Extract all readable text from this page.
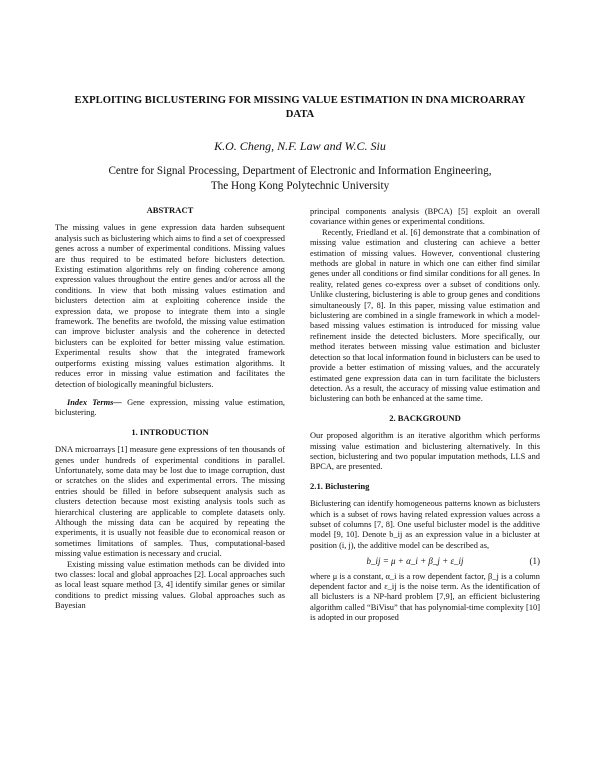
EXPLOITING BICLUSTERING FOR MISSING VALUE ESTIMATION IN DNA MICROARRAY DATA
K.O. Cheng, N.F. Law and W.C. Siu
Centre for Signal Processing, Department of Electronic and Information Engineering,
The Hong Kong Polytechnic University
ABSTRACT

The missing values in gene expression data harden subsequent analysis such as biclustering which aims to find a set of coexpressed genes across a number of experimental conditions. Missing values are thus required to be estimated before biclusters detection. Existing estimation algorithms rely on finding coherence among expression values throughout the entire genes and/or across all the conditions. In view that both missing values estimation and biclusters detection aim at exploiting coherence inside the expression data, we propose to integrate them into a single framework. The benefits are twofold, the missing value estimation can improve bicluster analysis and the coherence in detected biclusters can be exploited for better missing value estimation. Experimental results show that the integrated framework outperforms existing missing values estimation algorithms. It reduces error in missing value estimation and facilitates the detection of biologically meaningful biclusters.

Index Terms— Gene expression, missing value estimation, biclustering.

1. INTRODUCTION

DNA microarrays [1] measure gene expressions of ten thousands of genes under hundreds of experimental conditions in parallel. Unfortunately, some data may be lost due to image corruption, dust or scratches on the slides and experimental errors. The missing entries should be filled in before subsequent analysis such as clusters detection because most existing analysis tools such as hierarchical clustering are applicable to complete datasets only. Although the missing data can be acquired by repeating the experiments, it is usually not feasible due to economical reason or sometimes limitations of samples. Thus, computational-based missing value estimation is necessary and crucial.

Existing missing value estimation methods can be divided into two classes: local and global approaches [2]. Local approaches such as local least square method [3, 4] identify similar genes or similar conditions to predict missing values. Global approaches such as Bayesian

principal components analysis (BPCA) [5] exploit an overall covariance within genes or experimental conditions.

Recently, Friedland et al. [6] demonstrate that a combination of missing value estimation and clustering can achieve a better estimation of missing values. However, conventional clustering methods are global in nature in which one can either find similar genes under all conditions or find similar conditions for all genes. In reality, related genes co-express over a subset of conditions only. Unlike clustering, biclustering is able to group genes and conditions simultaneously [7, 8]. In this paper, missing value estimation and biclustering are combined in a single framework in which a model-based missing values estimation is introduced for missing value refinement inside the detected biclusters. More specifically, our method iterates between missing value estimation and bicluster detection so that local information found in biclusters can be used to provide a better estimation of missing values, and the accurately estimated gene expression data can in turn facilitate the biclusters detection. As a result, the accuracy of missing value estimation and biclustering can both be enhanced at the same time.

2. BACKGROUND

Our proposed algorithm is an iterative algorithm which performs missing value estimation and biclustering alternatively. In this section, biclustering and two popular imputation methods, LLS and BPCA, are presented.

2.1. Biclustering

Biclustering can identify homogeneous patterns known as biclusters which is a subset of rows having related expression values across a subset of columns [7, 8]. One useful bicluster model is the additive model [9, 10]. Denote b_ij as an expression value in a bicluster at position (i, j), the additive model can be described as,

b_ij = μ + α_i + β_j + ε_ij	(1)

where μ is a constant, α_i is a row dependent factor, β_j is a column dependent factor and ε_ij is the noise term. As the identification of all biclusters is a NP-hard problem [7,9], an efficient biclustering algorithm called “BiVisu” that has polynomial-time complexity [10] is adopted in our proposed
